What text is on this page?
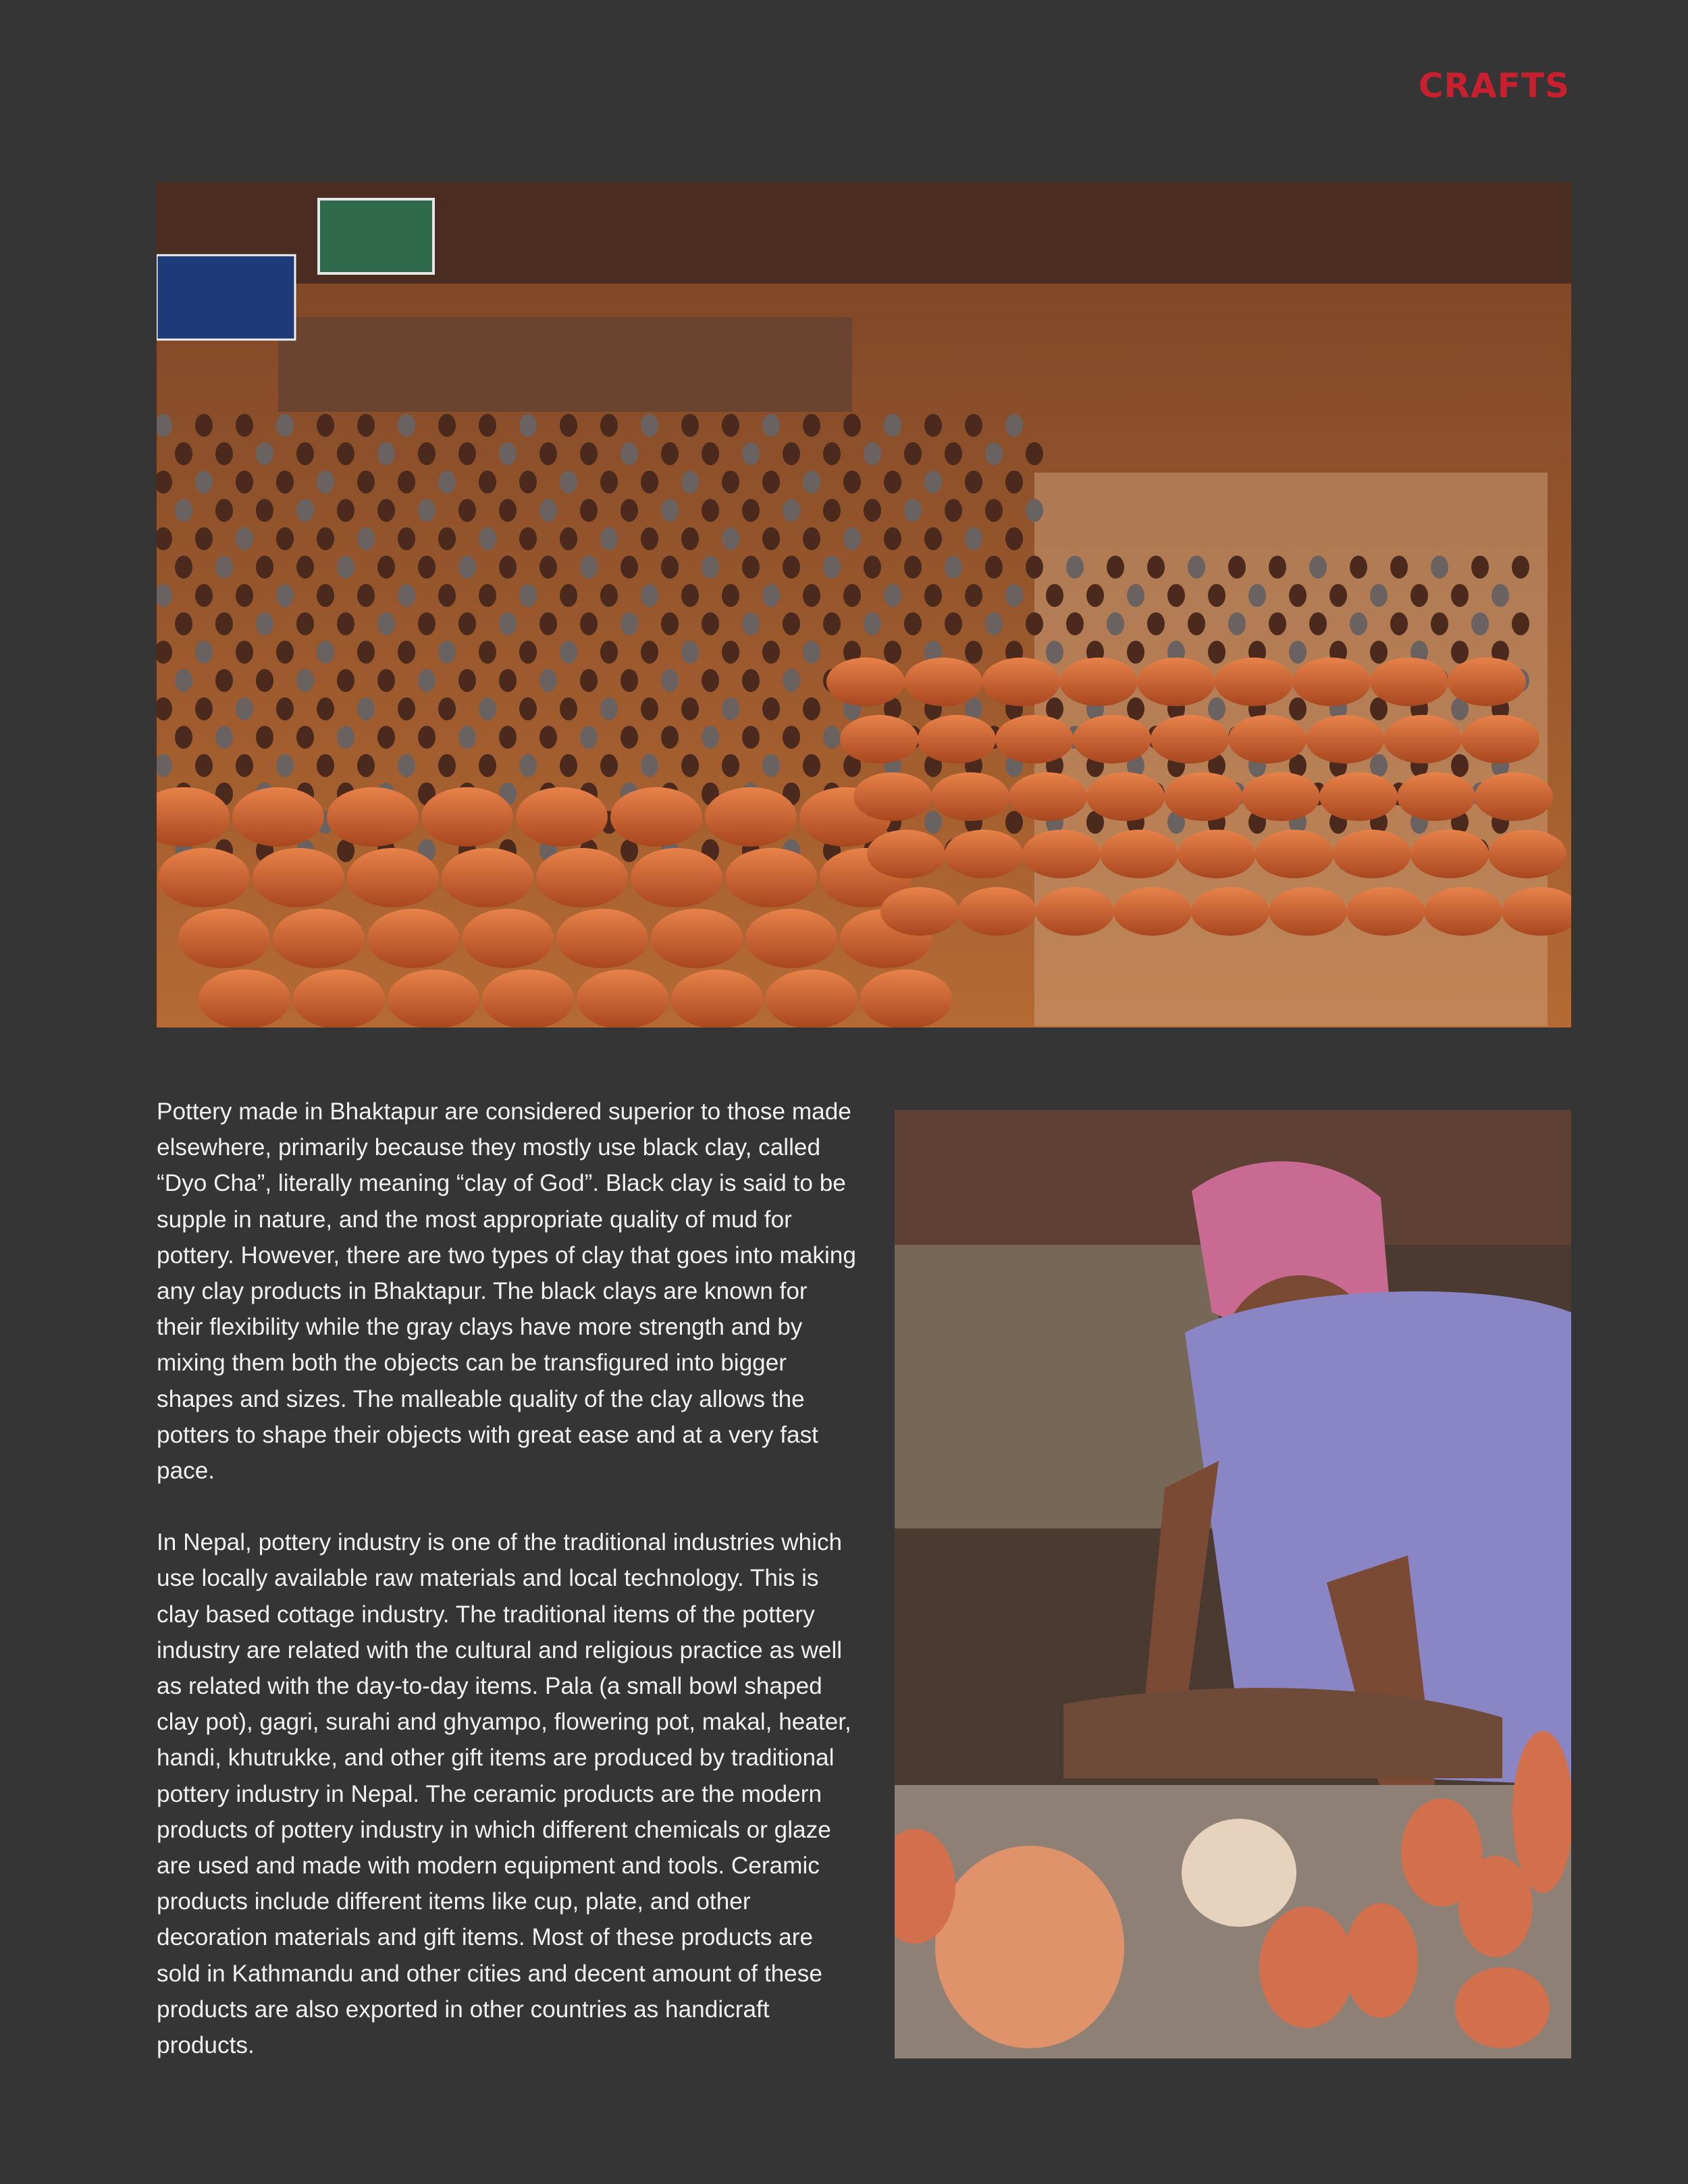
CRAFTS

Pottery made in Bhaktapur are considered superior to those made elsewhere, primarily because they mostly use black clay, called “Dyo Cha”, literally meaning “clay of God”. Black clay is said to be supple in nature, and the most appropriate quality of mud for pottery. However, there are two types of clay that goes into making any clay products in Bhaktapur. The black clays are known for their flexibility while the gray clays have more strength and by mixing them both the objects can be transfigured into bigger shapes and sizes. The malleable quality of the clay allows the potters to shape their objects with great ease and at a very fast pace.

In Nepal, pottery industry is one of the traditional industries which use locally available raw materials and local technology. This is clay based cottage industry. The traditional items of the pottery industry are related with the cultural and religious practice as well as related with the day-to-day items. Pala (a small bowl shaped clay pot), gagri, surahi and ghyampo, flowering pot, makal, heater, handi, khutrukke, and other gift items are produced by traditional pottery industry in Nepal. The ceramic products are the modern products of pottery industry in which different chemicals or glaze are used and made with modern equipment and tools. Ceramic products include different items like cup, plate, and other decoration materials and gift items. Most of these products are sold in Kathmandu and other cities and decent amount of these products are also exported in other countries as handicraft products.
